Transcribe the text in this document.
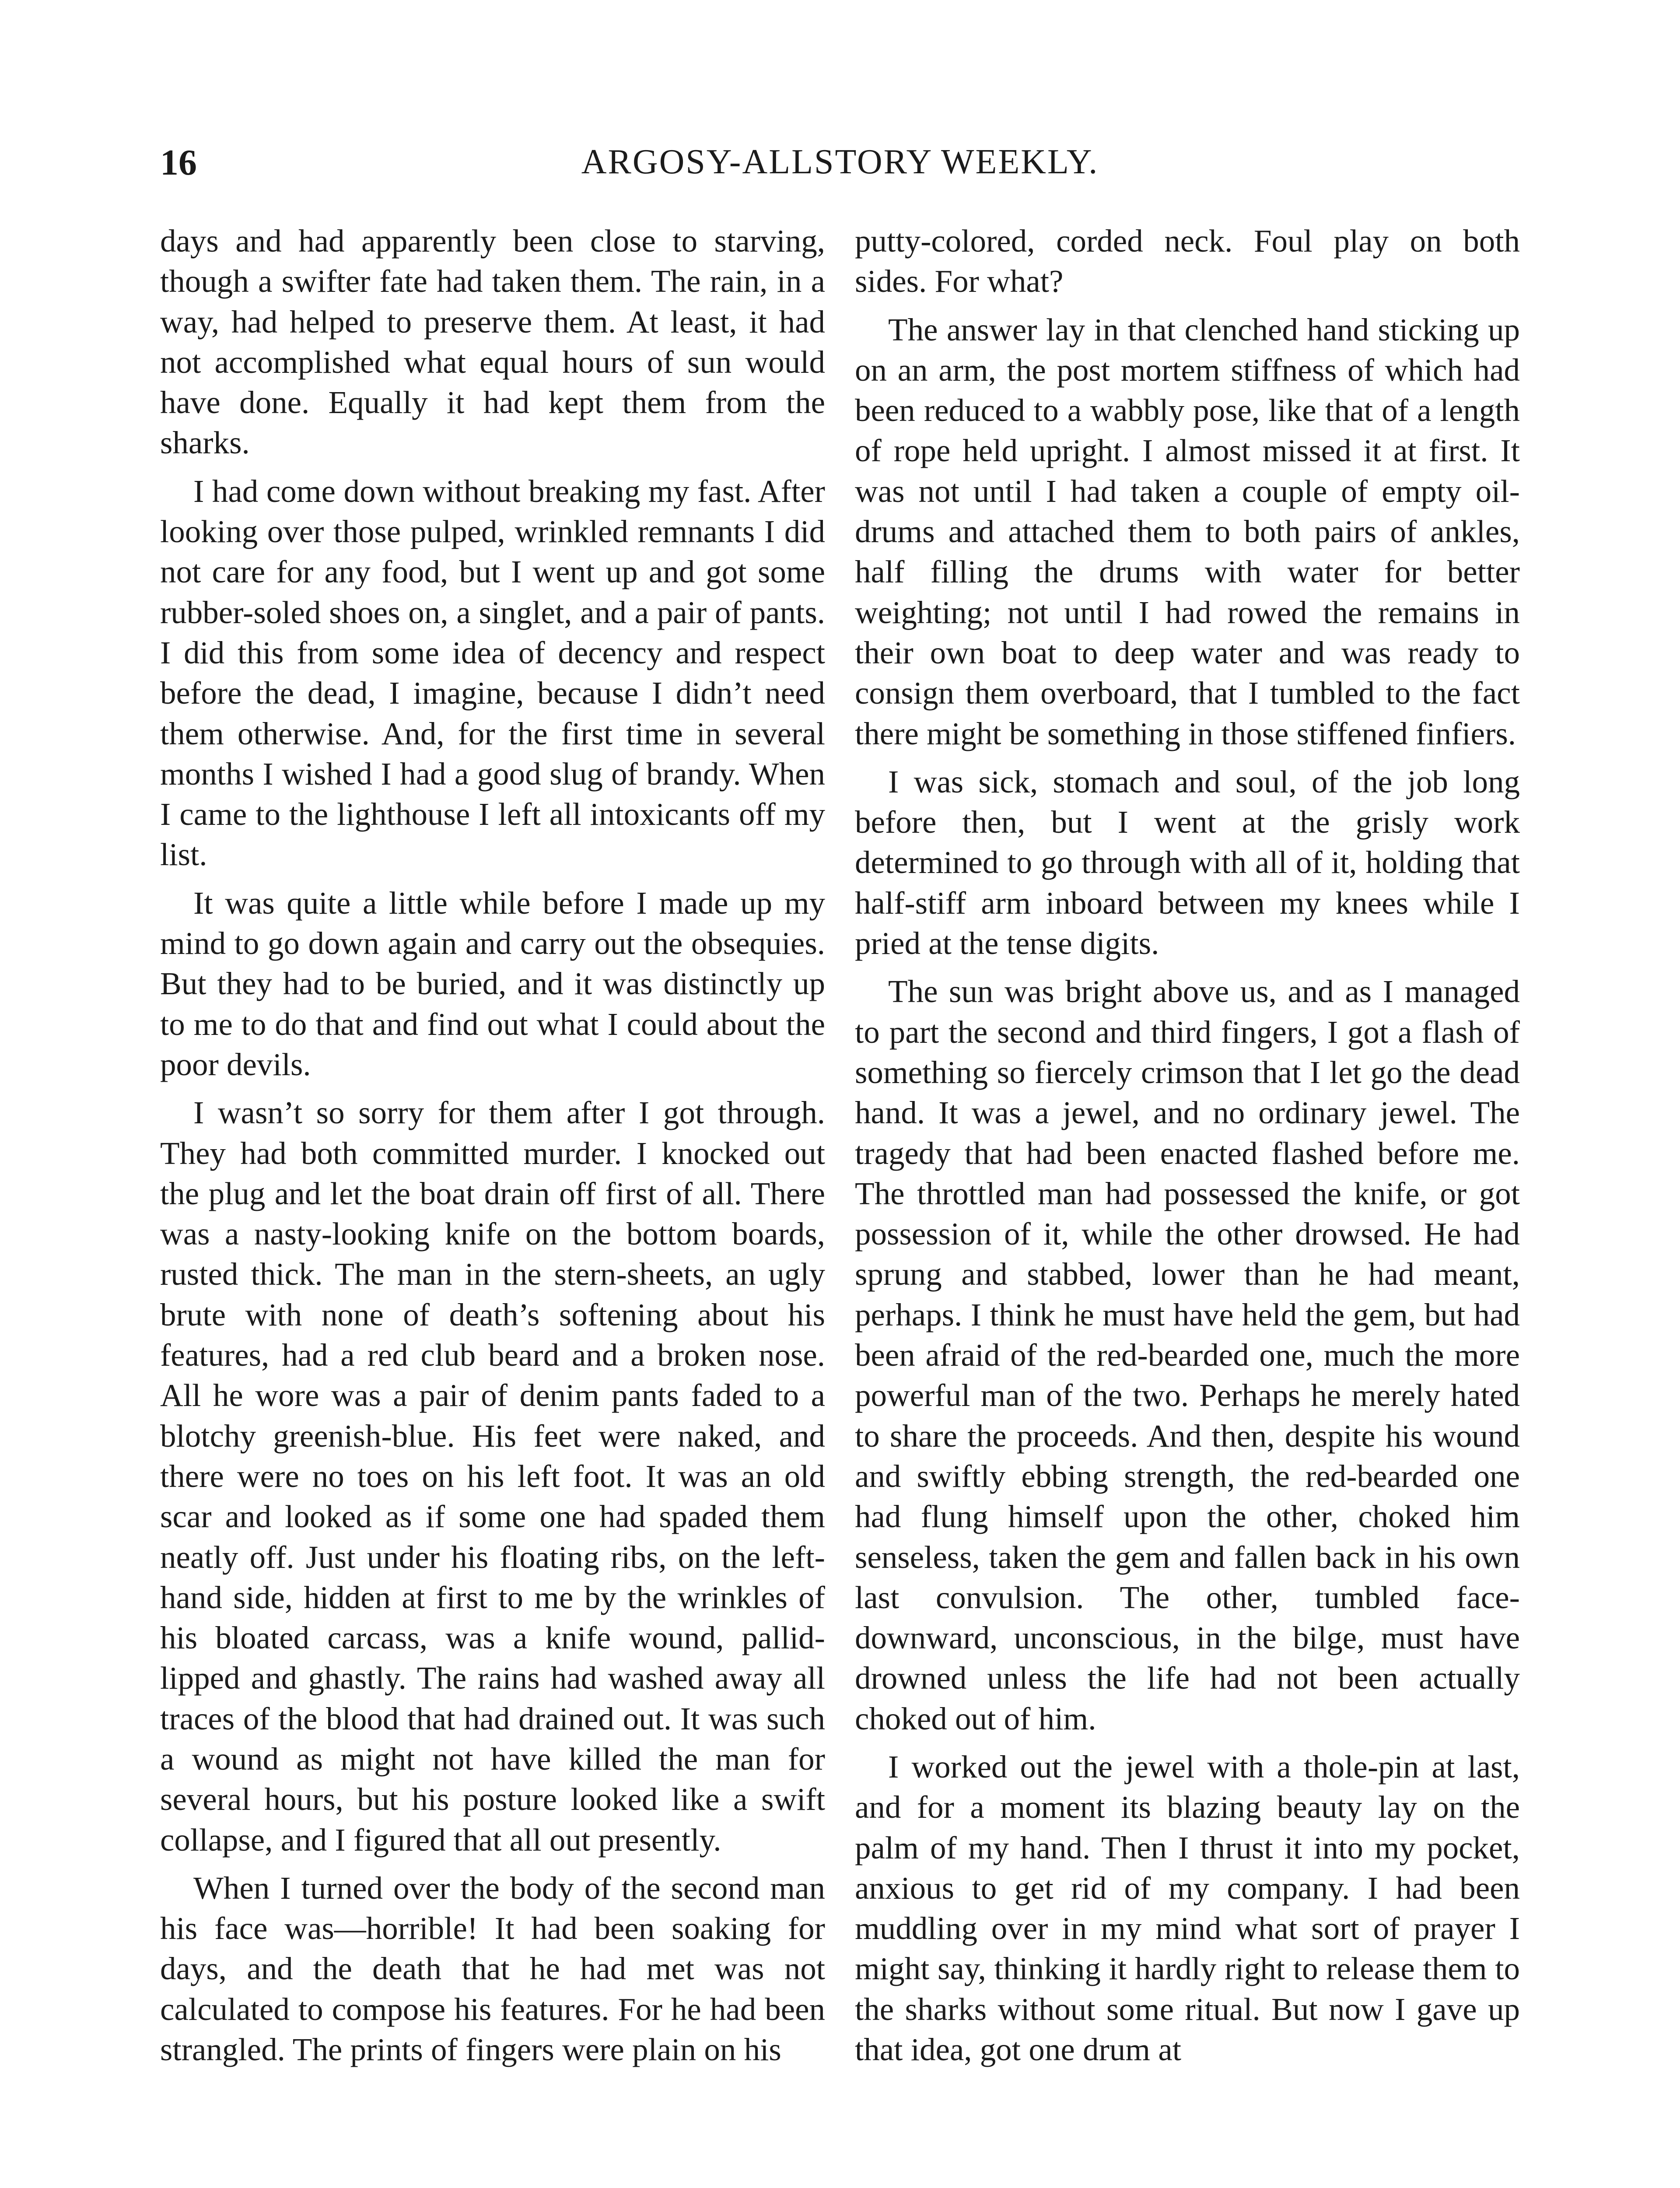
16	ARGOSY-ALLSTORY WEEKLY.

days and had apparently been close to starving, though a swifter fate had taken them. The rain, in a way, had helped to preserve them. At least, it had not accomplished what equal hours of sun would have done. Equally it had kept them from the sharks.

I had come down without breaking my fast. After looking over those pulped, wrinkled remnants I did not care for any food, but I went up and got some rubber-soled shoes on, a singlet, and a pair of pants. I did this from some idea of decency and respect before the dead, I imagine, because I didn’t need them otherwise. And, for the first time in several months I wished I had a good slug of brandy. When I came to the lighthouse I left all intoxicants off my list.

It was quite a little while before I made up my mind to go down again and carry out the obsequies. But they had to be buried, and it was distinctly up to me to do that and find out what I could about the poor devils.

I wasn’t so sorry for them after I got through. They had both committed murder. I knocked out the plug and let the boat drain off first of all. There was a nasty-looking knife on the bottom boards, rusted thick. The man in the stern-sheets, an ugly brute with none of death’s softening about his features, had a red club beard and a broken nose. All he wore was a pair of denim pants faded to a blotchy greenish-blue. His feet were naked, and there were no toes on his left foot. It was an old scar and looked as if some one had spaded them neatly off. Just under his floating ribs, on the left-hand side, hidden at first to me by the wrinkles of his bloated carcass, was a knife wound, pallid-lipped and ghastly. The rains had washed away all traces of the blood that had drained out. It was such a wound as might not have killed the man for several hours, but his posture looked like a swift collapse, and I figured that all out presently.

When I turned over the body of the second man his face was—horrible! It had been soaking for days, and the death that he had met was not calculated to compose his features. For he had been strangled. The prints of fingers were plain on his

putty-colored, corded neck. Foul play on both sides. For what?

The answer lay in that clenched hand sticking up on an arm, the post mortem stiffness of which had been reduced to a wabbly pose, like that of a length of rope held upright. I almost missed it at first. It was not until I had taken a couple of empty oil-drums and attached them to both pairs of ankles, half filling the drums with water for better weighting; not until I had rowed the remains in their own boat to deep water and was ready to consign them overboard, that I tumbled to the fact there might be something in those stiffened finfiers.

I was sick, stomach and soul, of the job long before then, but I went at the grisly work determined to go through with all of it, holding that half-stiff arm inboard between my knees while I pried at the tense digits.

The sun was bright above us, and as I managed to part the second and third fingers, I got a flash of something so fiercely crimson that I let go the dead hand. It was a jewel, and no ordinary jewel. The tragedy that had been enacted flashed before me. The throttled man had possessed the knife, or got possession of it, while the other drowsed. He had sprung and stabbed, lower than he had meant, perhaps. I think he must have held the gem, but had been afraid of the red-bearded one, much the more powerful man of the two. Perhaps he merely hated to share the proceeds. And then, despite his wound and swiftly ebbing strength, the red-bearded one had flung himself upon the other, choked him senseless, taken the gem and fallen back in his own last convulsion. The other, tumbled face-downward, unconscious, in the bilge, must have drowned unless the life had not been actually choked out of him.

I worked out the jewel with a thole-pin at last, and for a moment its blazing beauty lay on the palm of my hand. Then I thrust it into my pocket, anxious to get rid of my company. I had been muddling over in my mind what sort of prayer I might say, thinking it hardly right to release them to the sharks without some ritual. But now I gave up that idea, got one drum at
